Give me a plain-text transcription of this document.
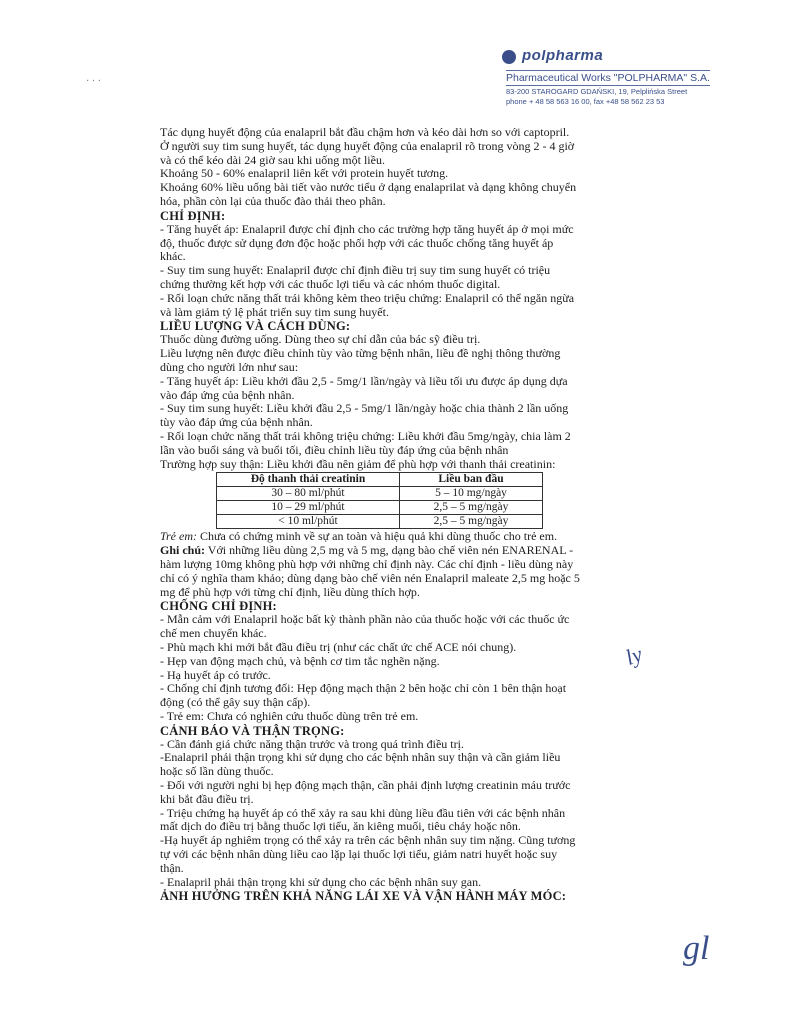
polpharma
Pharmaceutical Works "POLPHARMA" S.A.
83-200 STAROGARD GDAŃSKI, 19, Pelplińska Street
phone + 48 58 563 16 00, fax +48 58 562 23 53
· · ·

Tác dụng huyết động của enalapril bắt đầu chậm hơn và kéo dài hơn so với captopril. Ở người suy tim sung huyết, tác dụng huyết động của enalapril rõ trong vòng 2 - 4 giờ và có thể kéo dài 24 giờ sau khi uống một liều.

Khoảng 50 - 60% enalapril liên kết với protein huyết tương.

Khoảng 60% liều uống bài tiết vào nước tiểu ở dạng enalaprilat và dạng không chuyển hóa, phần còn lại của thuốc đào thải theo phân.

CHỈ ĐỊNH:

- Tăng huyết áp: Enalapril được chỉ định cho các trường hợp tăng huyết áp ở mọi mức độ, thuốc được sử dụng đơn độc hoặc phối hợp với các thuốc chống tăng huyết áp khác.

- Suy tim sung huyết: Enalapril được chỉ định điều trị suy tim sung huyết có triệu chứng thường kết hợp với các thuốc lợi tiểu và các nhóm thuốc digital.

- Rối loạn chức năng thất trái không kèm theo triệu chứng: Enalapril có thể ngăn ngừa và làm giảm tỷ lệ phát triển suy tim sung huyết.

LIỀU LƯỢNG VÀ CÁCH DÙNG:

Thuốc dùng đường uống. Dùng theo sự chỉ dẫn của bác sỹ điều trị.

Liều lượng nên được điều chỉnh tùy vào từng bệnh nhân, liều đề nghị thông thường dùng cho người lớn như sau:

- Tăng huyết áp: Liều khởi đầu 2,5 - 5mg/1 lần/ngày và liều tối ưu được áp dụng dựa vào đáp ứng của bệnh nhân.

- Suy tim sung huyết: Liều khởi đầu 2,5 - 5mg/1 lần/ngày hoặc chia thành 2 lần uống tùy vào đáp ứng của bệnh nhân.

- Rối loạn chức năng thất trái không triệu chứng: Liều khởi đầu 5mg/ngày, chia làm 2 lần vào buổi sáng và buổi tối, điều chỉnh liều tùy đáp ứng của bệnh nhân

Trường hợp suy thận: Liều khởi đầu nên giảm để phù hợp với thanh thải creatinin:

Độ thanh thải creatinin	Liều ban đầu
30 – 80 ml/phút	5 – 10 mg/ngày
10 – 29 ml/phút	2,5 – 5 mg/ngày
< 10 ml/phút	2,5 – 5 mg/ngày

Trẻ em: Chưa có chứng minh về sự an toàn và hiệu quả khi dùng thuốc cho trẻ em.

Ghi chú: Với những liều dùng 2,5 mg và 5 mg, dạng bào chế viên nén ENARENAL - hàm lượng 10mg không phù hợp với những chỉ định này. Các chỉ định - liều dùng này chỉ có ý nghĩa tham khảo; dùng dạng bào chế viên nén Enalapril maleate 2,5 mg hoặc 5 mg để phù hợp với từng chỉ định, liều dùng thích hợp.

CHỐNG CHỈ ĐỊNH:

- Mẫn cảm với Enalapril hoặc bất kỳ thành phần nào của thuốc hoặc với các thuốc ức chế men chuyển khác.

- Phù mạch khi mới bắt đầu điều trị (như các chất ức chế ACE nói chung).

- Hẹp van động mạch chủ, và bệnh cơ tim tắc nghẽn nặng.

- Hạ huyết áp có trước.

- Chống chỉ định tương đối: Hẹp động mạch thận 2 bên hoặc chỉ còn 1 bên thận hoạt động (có thể gây suy thận cấp).

- Trẻ em: Chưa có nghiên cứu thuốc dùng trên trẻ em.

CẢNH BÁO VÀ THẬN TRỌNG:

- Cần đánh giá chức năng thận trước và trong quá trình điều trị.

-Enalapril phải thận trọng khi sử dụng cho các bệnh nhân suy thận và cần giảm liều hoặc số lần dùng thuốc.

- Đối với người nghi bị hẹp động mạch thận, cần phải định lượng creatinin máu trước khi bắt đầu điều trị.

- Triệu chứng hạ huyết áp có thể xảy ra sau khi dùng liều đầu tiên với các bệnh nhân mất dịch do điều trị bằng thuốc lợi tiểu, ăn kiêng muối, tiêu chảy hoặc nôn.

-Hạ huyết áp nghiêm trọng có thể xảy ra trên các bệnh nhân suy tim nặng. Cũng tương tự với các bệnh nhân dùng liều cao lặp lại thuốc lợi tiểu, giảm natri huyết hoặc suy thận.

- Enalapril phải thận trọng khi sử dụng cho các bệnh nhân suy gan.

ẢNH HƯỞNG TRÊN KHẢ NĂNG LÁI XE VÀ VẬN HÀNH MÁY MÓC:
ly
gl
